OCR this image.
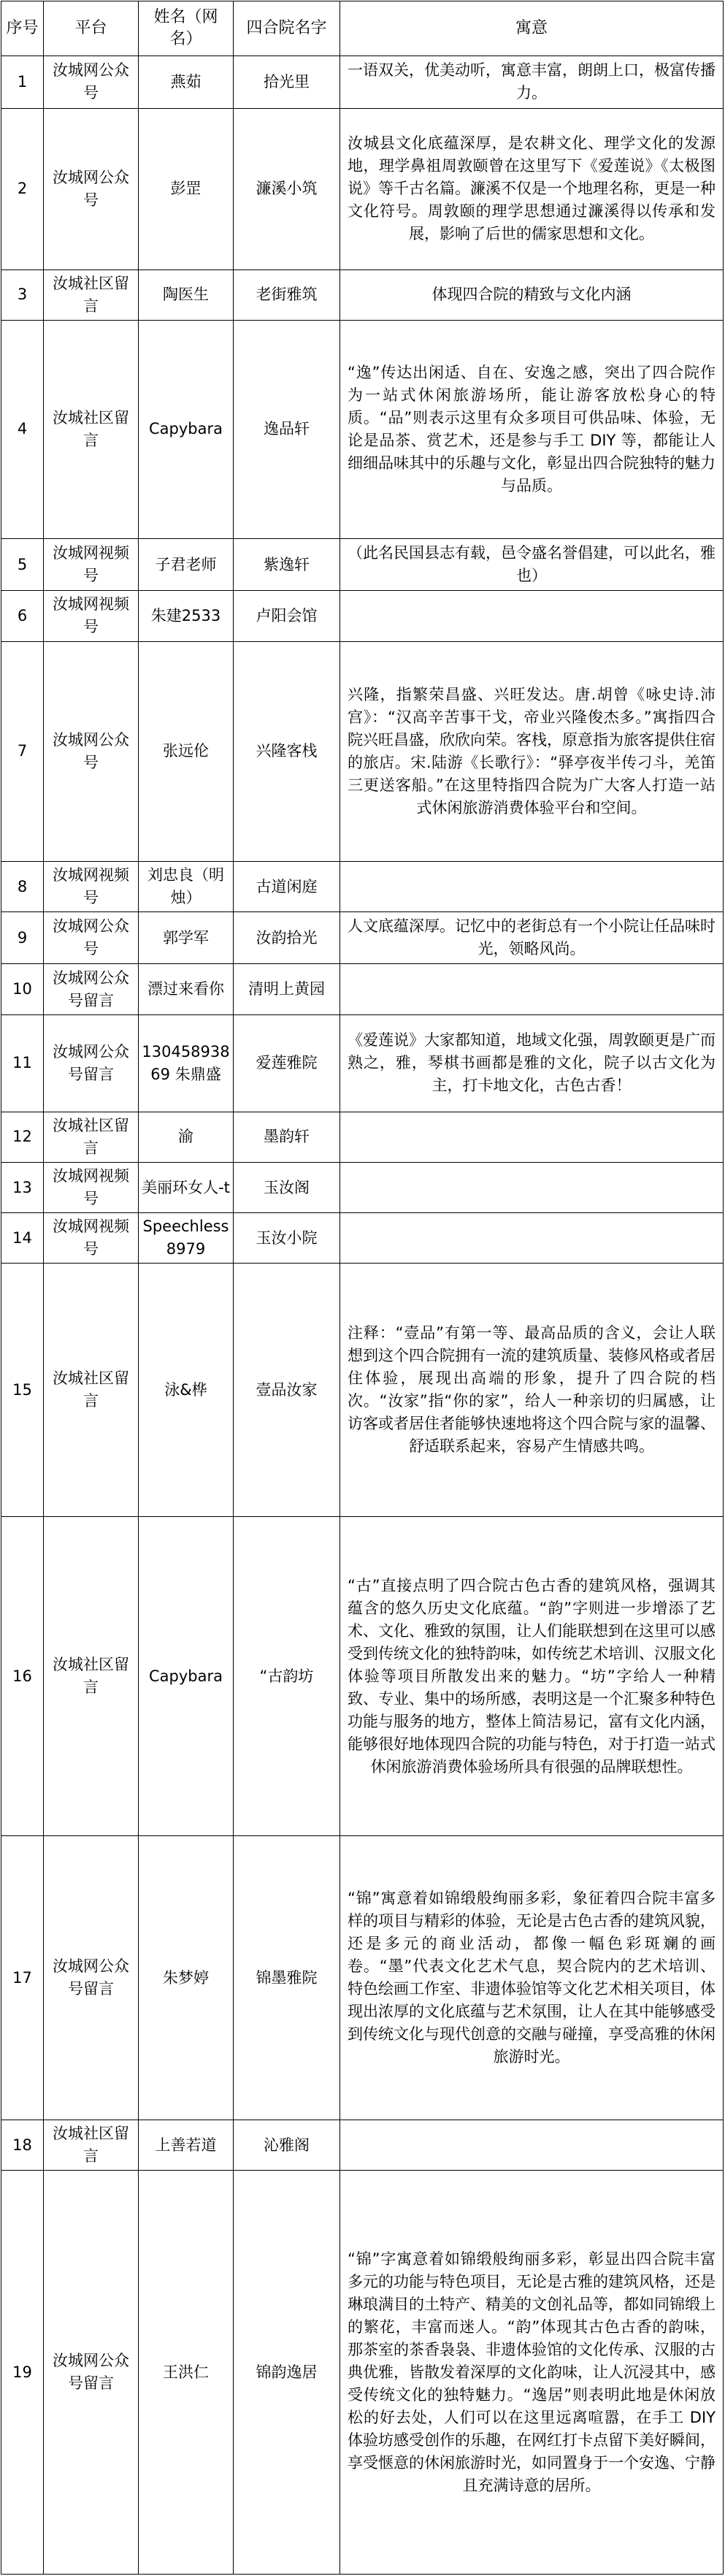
序号	平台	姓名（网名）	四合院名字	寓意
1	汝城网公众号	燕茹	拾光里	一语双关，优美动听，寓意丰富，朗朗上口，极富传播力。
2	汝城网公众号	彭罡	濂溪小筑	汝城县文化底蕴深厚，是农耕文化、理学文化的发源地，理学鼻祖周敦颐曾在这里写下《爱莲说》《太极图说》等千古名篇。濂溪不仅是一个地理名称，更是一种文化符号。周敦颐的理学思想通过濂溪得以传承和发展，影响了后世的儒家思想和文化。
3	汝城社区留言	陶医生	老街雅筑	体现四合院的精致与文化内涵
4	汝城社区留言	Capybara	逸品轩	“逸”传达出闲适、自在、安逸之感，突出了四合院作为一站式休闲旅游场所，能让游客放松身心的特质。“品”则表示这里有众多项目可供品味、体验，无论是品茶、赏艺术，还是参与手工 DIY 等，都能让人细细品味其中的乐趣与文化，彰显出四合院独特的魅力与品质。
5	汝城网视频号	子君老师	紫逸轩	（此名民国县志有载，邑令盛名誉倡建，可以此名，雅也）
6	汝城网视频号	朱建2533	卢阳会馆	
7	汝城网公众号	张远伦	兴隆客栈	兴隆，指繁荣昌盛、兴旺发达。唐.胡曾《咏史诗.沛宫》：“汉高辛苦事干戈，帝业兴隆俊杰多。”寓指四合院兴旺昌盛，欣欣向荣。客栈，原意指为旅客提供住宿的旅店。宋.陆游《长歌行》：“驿亭夜半传刁斗，羌笛三更送客船。”在这里特指四合院为广大客人打造一站式休闲旅游消费体验平台和空间。
8	汝城网视频号	刘忠良（明烛）	古道闲庭	
9	汝城网公众号	郭学军	汝韵拾光	人文底蕴深厚。记忆中的老街总有一个小院让任品味时光，领略风尚。
10	汝城网公众号留言	漂过来看你	清明上黄园	
11	汝城网公众号留言	13045893869 朱鼎盛	爱莲雅院	《爱莲说》大家都知道，地域文化强，周敦颐更是广而熟之，雅，琴棋书画都是雅的文化，院子以古文化为主，打卡地文化，古色古香！
12	汝城社区留言	渝	墨韵轩	
13	汝城网视频号	美丽环女人-t	玉汝阁	
14	汝城网视频号	Speechless8979	玉汝小院	
15	汝城社区留言	泳&桦	壹品汝家	注释：“壹品”有第一等、最高品质的含义，会让人联想到这个四合院拥有一流的建筑质量、装修风格或者居住体验，展现出高端的形象，提升了四合院的档次。“汝家”指“你的家”，给人一种亲切的归属感，让访客或者居住者能够快速地将这个四合院与家的温馨、舒适联系起来，容易产生情感共鸣。
16	汝城社区留言	Capybara	“古韵坊	“古”直接点明了四合院古色古香的建筑风格，强调其蕴含的悠久历史文化底蕴。“韵”字则进一步增添了艺术、文化、雅致的氛围，让人们能联想到在这里可以感受到传统文化的独特韵味，如传统艺术培训、汉服文化体验等项目所散发出来的魅力。“坊”字给人一种精致、专业、集中的场所感，表明这是一个汇聚多种特色功能与服务的地方，整体上简洁易记，富有文化内涵，能够很好地体现四合院的功能与特色，对于打造一站式休闲旅游消费体验场所具有很强的品牌联想性。
17	汝城网公众号留言	朱梦婷	锦墨雅院	“锦”寓意着如锦缎般绚丽多彩，象征着四合院丰富多样的项目与精彩的体验，无论是古色古香的建筑风貌，还是多元的商业活动，都像一幅色彩斑斓的画卷。“墨”代表文化艺术气息，契合院内的艺术培训、特色绘画工作室、非遗体验馆等文化艺术相关项目，体现出浓厚的文化底蕴与艺术氛围，让人在其中能够感受到传统文化与现代创意的交融与碰撞，享受高雅的休闲旅游时光。
18	汝城社区留言	上善若道	沁雅阁	
19	汝城网公众号留言	王洪仁	锦韵逸居	“锦”字寓意着如锦缎般绚丽多彩，彰显出四合院丰富多元的功能与特色项目，无论是古雅的建筑风格，还是琳琅满目的土特产、精美的文创礼品等，都如同锦缎上的繁花，丰富而迷人。“韵”体现其古色古香的韵味，那茶室的茶香袅袅、非遗体验馆的文化传承、汉服的古典优雅，皆散发着深厚的文化韵味，让人沉浸其中，感受传统文化的独特魅力。“逸居”则表明此地是休闲放松的好去处，人们可以在这里远离喧嚣，在手工 DIY 体验坊感受创作的乐趣，在网红打卡点留下美好瞬间，享受惬意的休闲旅游时光，如同置身于一个安逸、宁静且充满诗意的居所。
